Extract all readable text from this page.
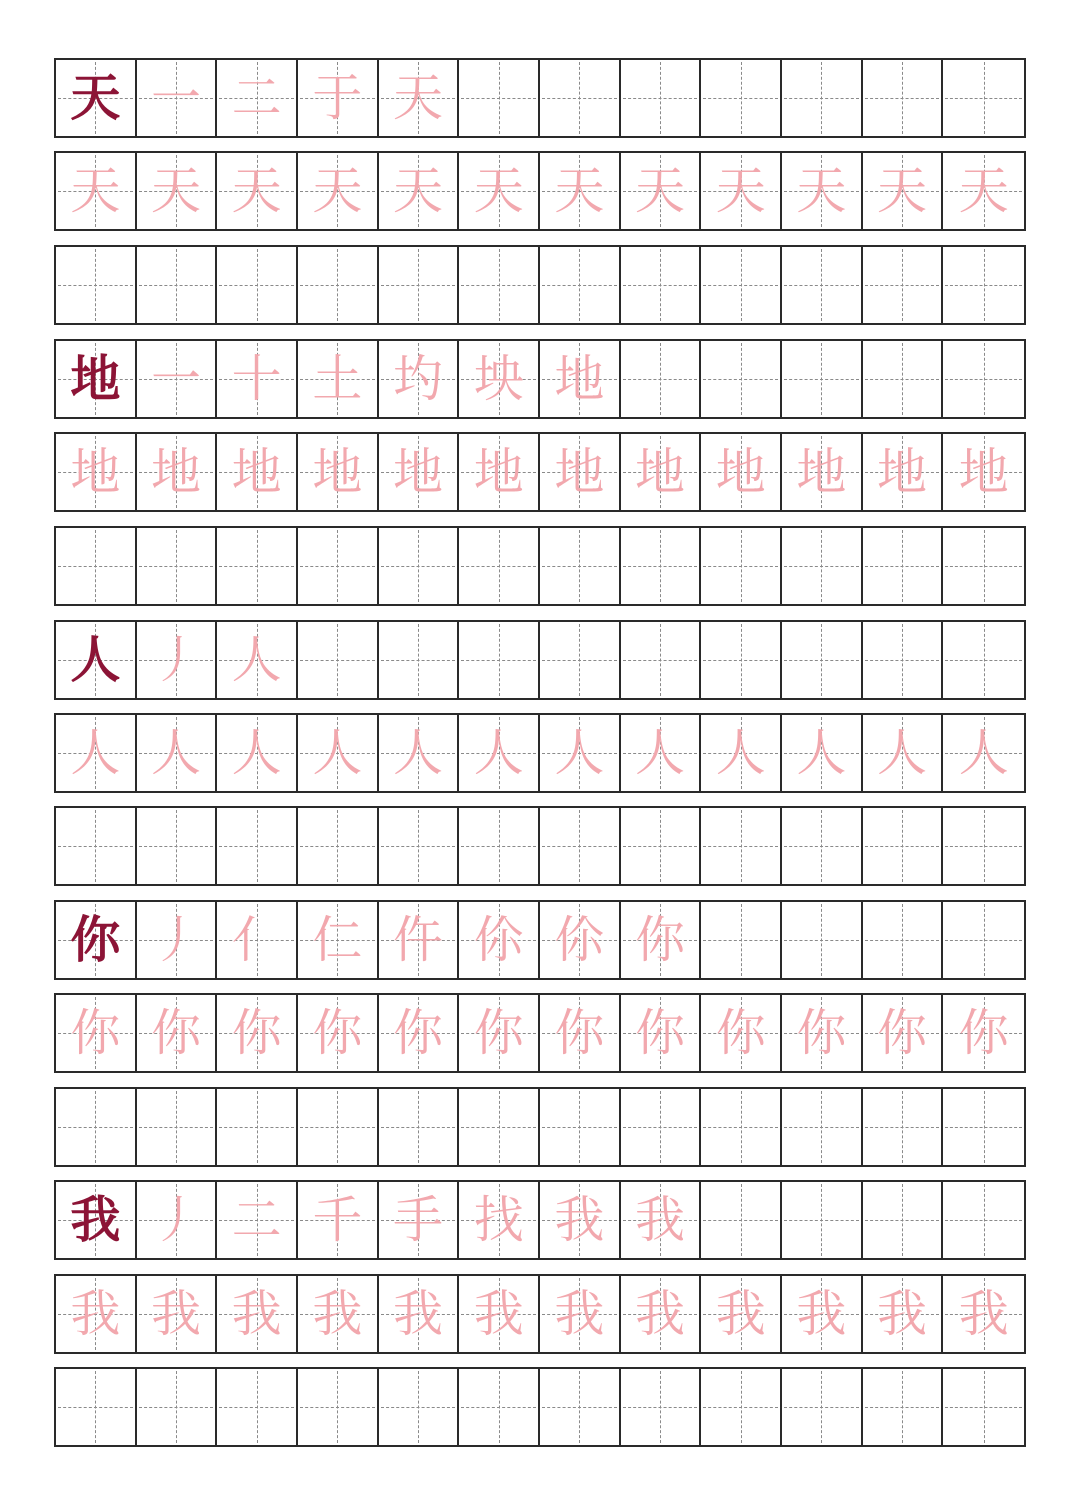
天 一 二 于 天
天 天 天 天 天 天 天 天 天 天 天 天
地 一 十 土 圴 坱 地
地 地 地 地 地 地 地 地 地 地 地 地
人 丿 人
人 人 人 人 人 人 人 人 人 人 人 人
你 丿 亻 仁 仵 伱 伱 你
你 你 你 你 你 你 你 你 你 你 你 你
我 丿 二 千 手 找 我 我
我 我 我 我 我 我 我 我 我 我 我 我
